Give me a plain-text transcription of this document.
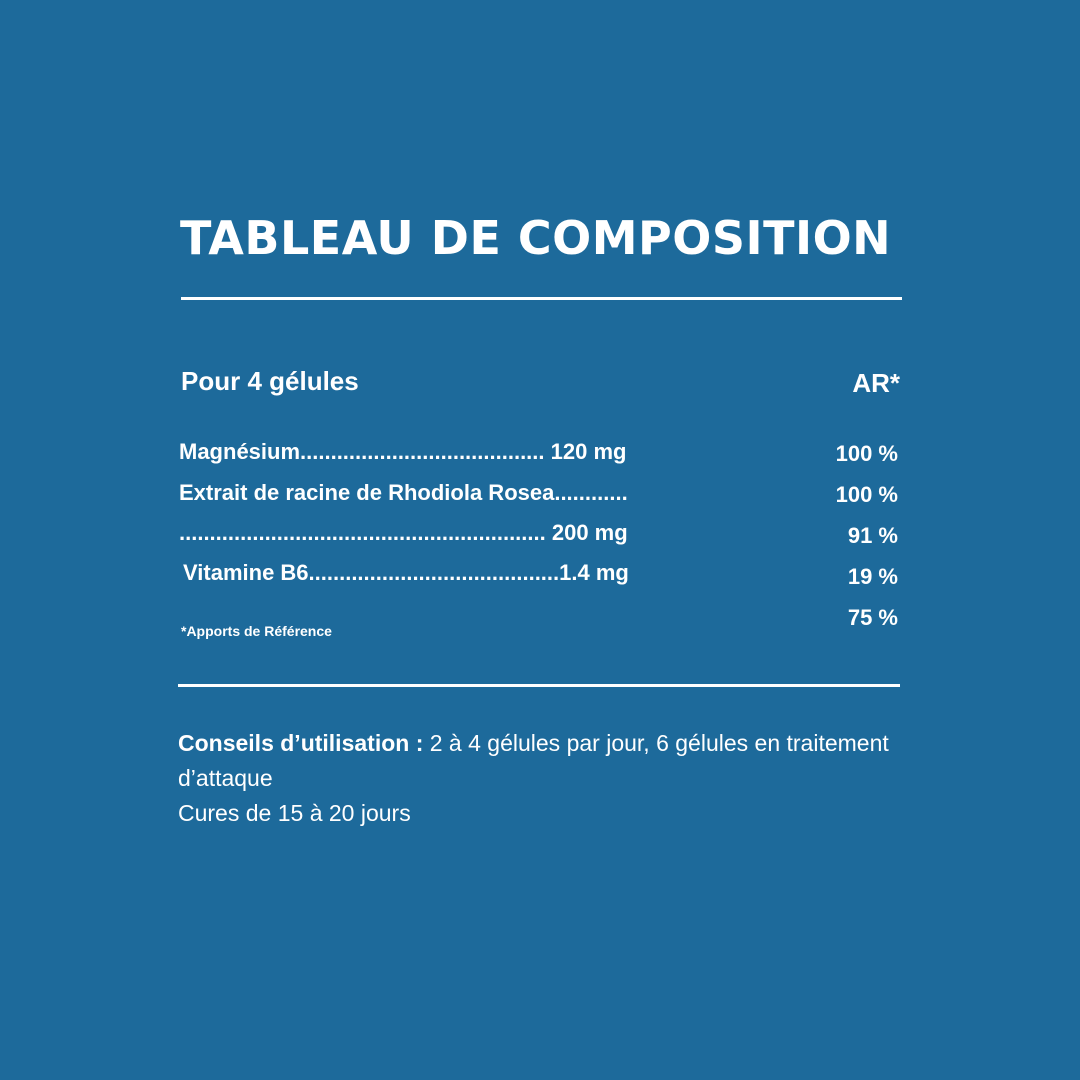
TABLEAU DE COMPOSITION
Pour 4 gélules	AR*
Magnésium........................................ 120 mg
Extrait de racine de Rhodiola Rosea............
............................................................ 200 mg
Vitamine B6.........................................1.4 mg
100 %
100 %
91 %
19 %
75 %
*Apports de Référence
Conseils d’utilisation : 2 à 4 gélules par jour, 6 gélules en traitement d’attaque
Cures de 15 à 20 jours
